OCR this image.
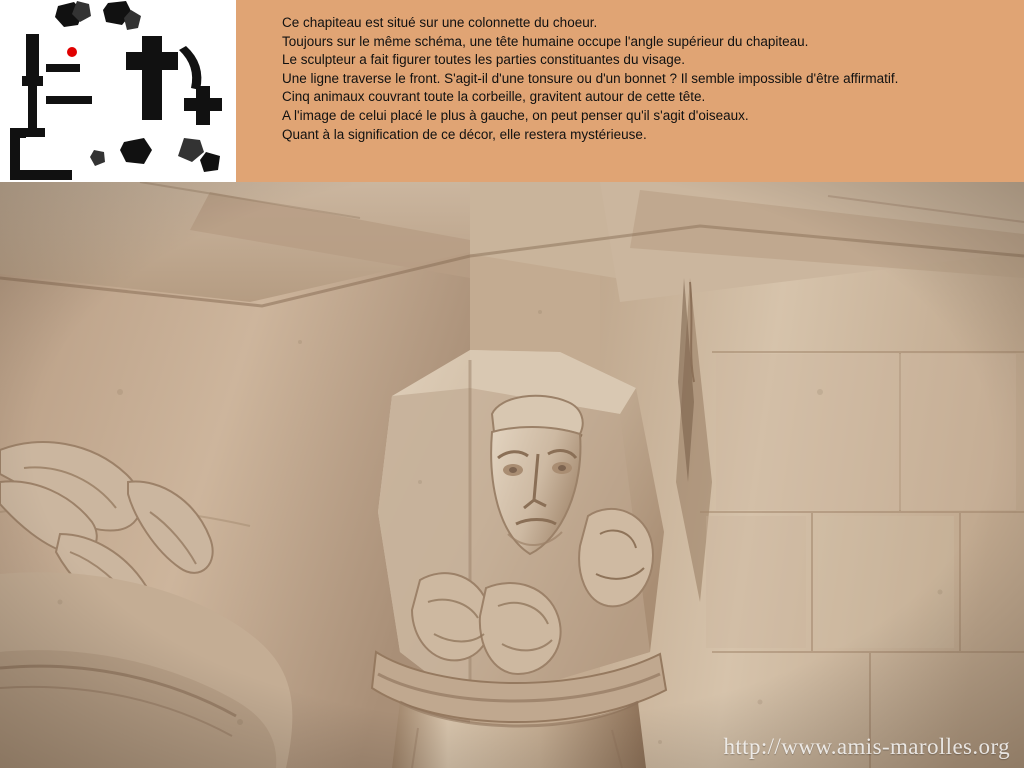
Ce chapiteau est situé sur une colonnette du choeur.
Toujours sur le même schéma, une tête humaine occupe l'angle supérieur du chapiteau.
Le sculpteur a fait figurer toutes les parties constituantes du visage.
Une ligne traverse le front. S'agit-il d'une tonsure ou d'un bonnet ? Il semble impossible d'être affirmatif.
Cinq animaux couvrant toute la corbeille, gravitent autour de cette tête.
A l'image de celui placé le plus à gauche, on peut penser qu'il s'agit d'oiseaux.
Quant à la signification de ce décor, elle restera mystérieuse.
http://www.amis-marolles.org
